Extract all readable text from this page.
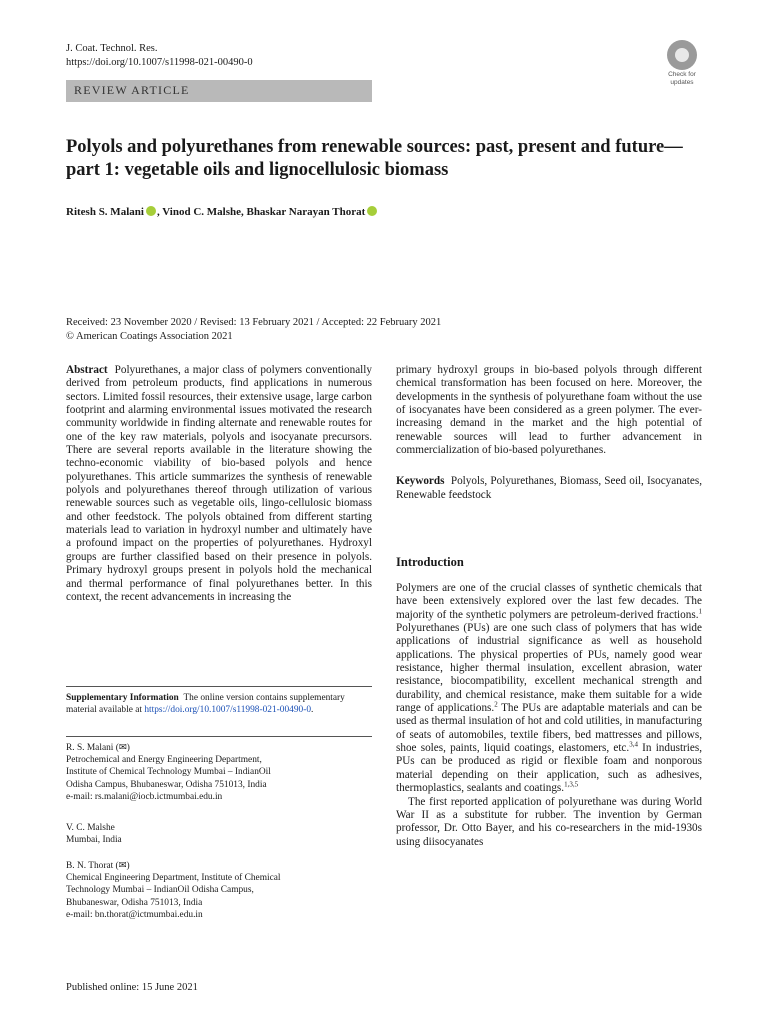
J. Coat. Technol. Res.
https://doi.org/10.1007/s11998-021-00490-0
Check for
updates
REVIEW ARTICLE
Polyols and polyurethanes from renewable sources: past, present and future—part 1: vegetable oils and lignocellulosic biomass
Ritesh S. Malani , Vinod C. Malshe, Bhaskar Narayan Thorat
Received: 23 November 2020 / Revised: 13 February 2021 / Accepted: 22 February 2021
© American Coatings Association 2021

Abstract Polyurethanes, a major class of polymers conventionally derived from petroleum products, find applications in numerous sectors. Limited fossil resources, their extensive usage, large carbon footprint and alarming environmental issues motivated the research community worldwide in finding alternate and renewable routes for one of the key raw materials, polyols and isocyanate precursors. There are several reports available in the literature showing the techno-economic viability of bio-based polyols and hence polyurethanes. This article summarizes the synthesis of renewable polyols and polyurethanes thereof through utilization of various renewable sources such as vegetable oils, lingo-cellulosic biomass and other feedstock. The polyols obtained from different starting materials lead to variation in hydroxyl number and ultimately have a profound impact on the properties of polyurethanes. Hydroxyl groups are further classified based on their presence in polyols. Primary hydroxyl groups present in polyols hold the mechanical and thermal performance of final polyurethanes better. In this context, the recent advancements in increasing the

Supplementary Information The online version contains supplementary material available at https://doi.org/10.1007/s11998-021-00490-0.
R. S. Malani (✉)
Petrochemical and Energy Engineering Department,
Institute of Chemical Technology Mumbai – IndianOil
Odisha Campus, Bhubaneswar, Odisha 751013, India
e-mail: rs.malani@iocb.ictmumbai.edu.in
V. C. Malshe
Mumbai, India
B. N. Thorat (✉)
Chemical Engineering Department, Institute of Chemical
Technology Mumbai – IndianOil Odisha Campus,
Bhubaneswar, Odisha 751013, India
e-mail: bn.thorat@ictmumbai.edu.in

primary hydroxyl groups in bio-based polyols through different chemical transformation has been focused on here. Moreover, the developments in the synthesis of polyurethane foam without the use of isocyanates have been considered as a green polymer. The ever-increasing demand in the market and the high potential of renewable sources will lead to further advancement in commercialization of bio-based polyurethanes.

Keywords Polyols, Polyurethanes, Biomass, Seed oil, Isocyanates, Renewable feedstock

Introduction

Polymers are one of the crucial classes of synthetic chemicals that have been extensively explored over the last few decades. The majority of the synthetic polymers are petroleum-derived fractions.$^1$ Polyurethanes (PUs) are one such class of polymers that has wide applications of industrial significance as well as household applications. The physical properties of PUs, namely good wear resistance, higher thermal insulation, excellent abrasion, water resistance, biocompatibility, excellent mechanical strength and durability, and chemical resistance, make them suitable for a wide range of applications.$^2$ The PUs are adaptable materials and can be used as thermal insulation of hot and cold utilities, in manufacturing of seats of automobiles, textile fibers, bed mattresses and pillows, shoe soles, paints, liquid coatings, elastomers, etc.$^{3,4}$ In industries, PUs can be produced as rigid or flexible foam and nonporous material depending on their application, such as adhesives, thermoplastics, sealants and coatings.$^{1,3,5}$

The first reported application of polyurethane was during World War II as a substitute for rubber. The invention by German professor, Dr. Otto Bayer, and his co-researchers in the mid-1930s using diisocyanates

Published online: 15 June 2021
